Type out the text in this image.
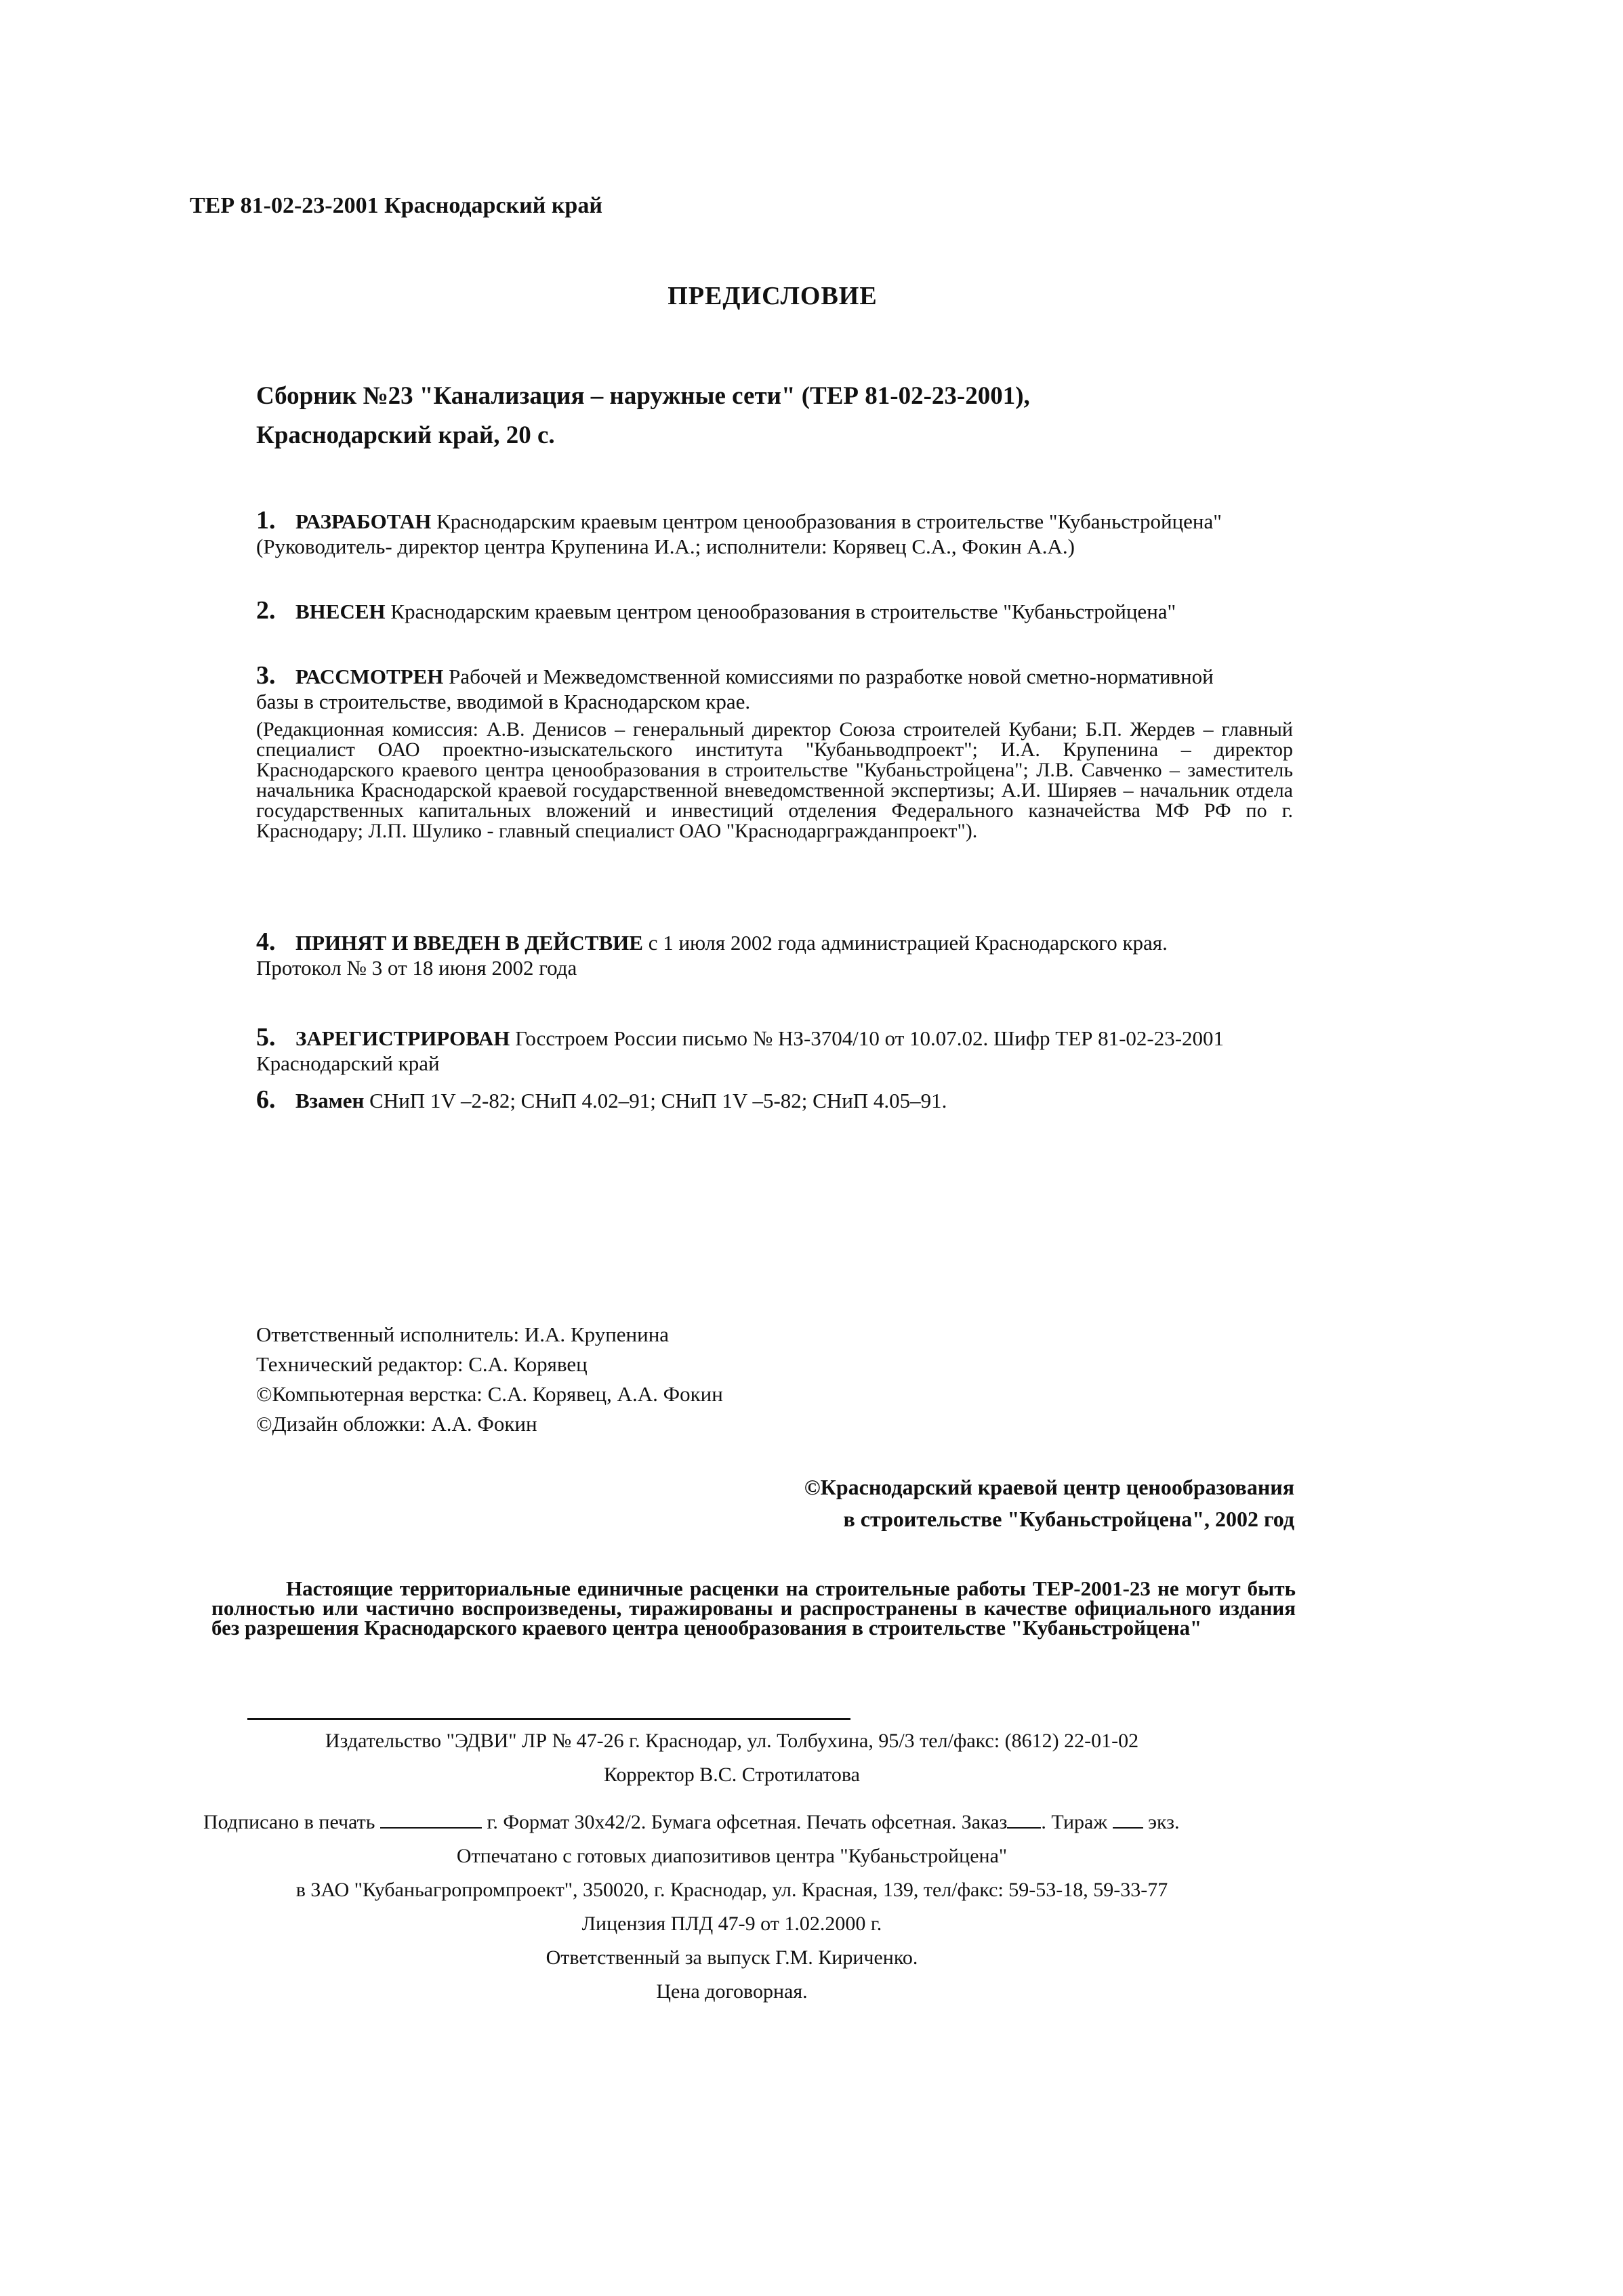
ТЕР 81-02-23-2001 Краснодарский край
ПРЕДИСЛОВИЕ
Сборник №23 "Канализация – наружные сети" (ТЕР 81-02-23-2001),
Краснодарский край, 20 с.
1. РАЗРАБОТАН Краснодарским краевым центром ценообразования в строительстве "Кубаньстройцена"
(Руководитель- директор центра Крупенина И.А.; исполнители: Корявец С.А., Фокин А.А.)
2. ВНЕСЕН Краснодарским краевым центром ценообразования в строительстве "Кубаньстройцена"
3. РАССМОТРЕН Рабочей и Межведомственной комиссиями по разработке новой сметно-нормативной
базы в строительстве, вводимой в Краснодарском крае.
(Редакционная комиссия: А.В. Денисов – генеральный директор Союза строителей Кубани; Б.П. Жердев – главный специалист ОАО проектно-изыскательского института "Кубаньводпроект"; И.А. Крупенина – директор Краснодарского краевого центра ценообразования в строительстве "Кубаньстройцена"; Л.В. Савченко – заместитель начальника Краснодарской краевой государственной вневедомственной экспертизы; А.И. Ширяев – начальник отдела государственных капитальных вложений и инвестиций отделения Федерального казначейства МФ РФ по г. Краснодару; Л.П. Шулико - главный специалист ОАО "Краснодаргражданпроект").
4. ПРИНЯТ И ВВЕДЕН В ДЕЙСТВИЕ с 1 июля 2002 года администрацией Краснодарского края.
Протокол № 3 от 18 июня 2002 года
5. ЗАРЕГИСТРИРОВАН Госстроем России письмо № НЗ-3704/10 от 10.07.02. Шифр ТЕР 81-02-23-2001
Краснодарский край
6. Взамен СНиП 1V –2-82; СНиП 4.02–91; СНиП 1V –5-82; СНиП 4.05–91.
Ответственный исполнитель: И.А. Крупенина
Технический редактор: С.А. Корявец
©Компьютерная верстка: С.А. Корявец, А.А. Фокин
©Дизайн обложки: А.А. Фокин
©Краснодарский краевой центр ценообразования
в строительстве "Кубаньстройцена", 2002 год
Настоящие территориальные единичные расценки на строительные работы ТЕР-2001-23 не могут быть полностью или частично воспроизведены, тиражированы и распространены в качестве официального издания без разрешения Краснодарского краевого центра ценообразования в строительстве "Кубаньстройцена"
Издательство "ЭДВИ" ЛР № 47-26 г. Краснодар, ул. Толбухина, 95/3 тел/факс: (8612) 22-01-02
Корректор В.С. Стротилатова
Подписано в печать	г. Формат 30х42/2. Бумага офсетная. Печать офсетная. Заказ . Тираж экз.
Отпечатано с готовых диапозитивов центра "Кубаньстройцена"
в ЗАО "Кубаньагропромпроект", 350020, г. Краснодар, ул. Красная, 139, тел/факс: 59-53-18, 59-33-77
Лицензия ПЛД 47-9 от 1.02.2000 г.
Ответственный за выпуск Г.М. Кириченко.
Цена договорная.
